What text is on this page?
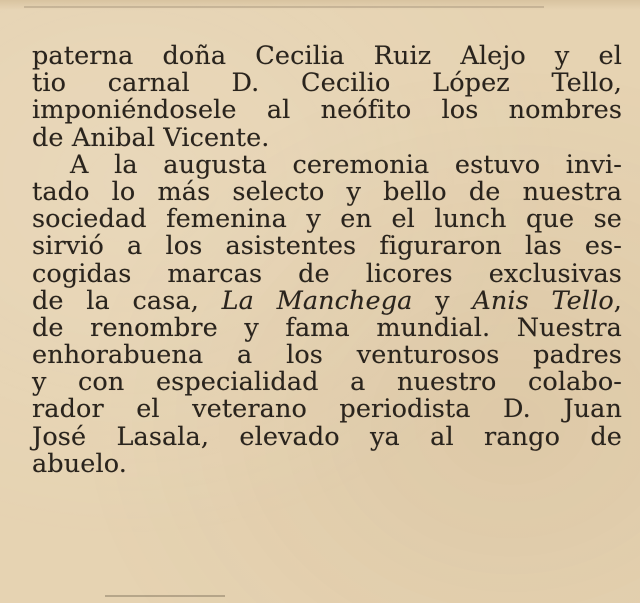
paterna doña Cecilia Ruiz Alejo y el
tio carnal D. Cecilio López Tello,
imponiéndosele al neófito los nombres
de Anibal Vicente.

A la augusta ceremonia estuvo invi-
tado lo más selecto y bello de nuestra
sociedad femenina y en el lunch que se
sirvió a los asistentes figuraron las es-
cogidas marcas de licores exclusivas
de la casa, La Manchega y Anis Tello,
de renombre y fama mundial. Nuestra
enhorabuena a los venturosos padres
y con especialidad a nuestro colabo-
rador el veterano periodista D. Juan
José Lasala, elevado ya al rango de
abuelo.
